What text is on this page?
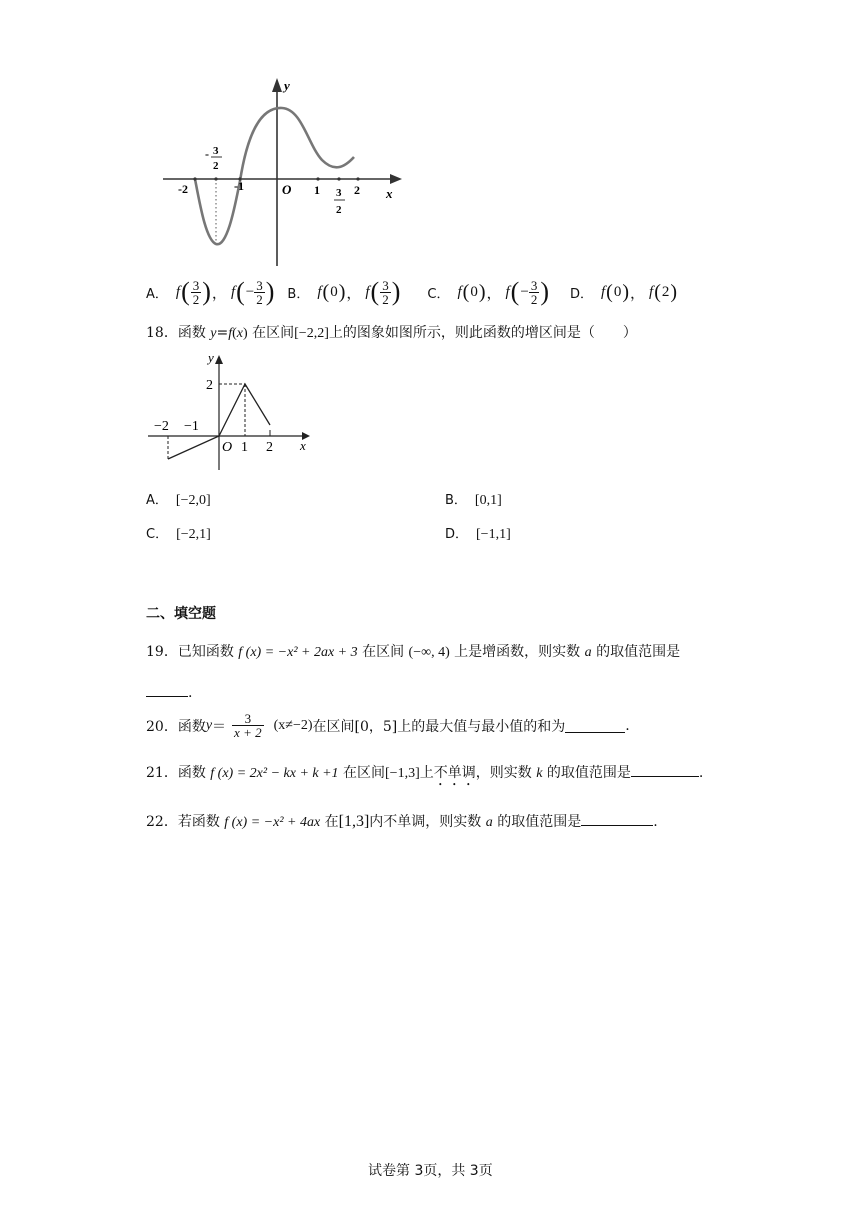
y
x
O
-2	-1	1	2
- 3
2
3
2
A． f ( $\frac{3}{2}$ ) ， f ( − $\frac{3}{2}$ ) B． f ( 0 ) ， f ( $\frac{3}{2}$ ) C． f ( 0 ) ， f ( − $\frac{3}{2}$ ) D． f ( 0 ) ， f ( 2 )
18．函数 y=f(x) 在区间[−2,2]上的图象如图所示，则此函数的增区间是（　　）
y
x
O
−2 −1
1 2
2
A． [−2,0]	B． [0,1]
C． [−2,1]	D． [−1,1]
二、填空题
19．已知函数 f (x) = −x² + 2ax + 3 在区间 (−∞, 4) 上是增函数，则实数 a 的取值范围是
.
20． 函数 $y = \frac{3}{x + 2} (x\ne-2)$ 在区间[0，5]上的最大值与最小值的和为	.
21．函数 f (x) = 2x² − kx + k +1 在区间[−1,3]上不单调，则实数 k 的取值范围是	.
22．若函数 f (x) = −x² + 4ax 在[1,3]内不单调，则实数 a 的取值范围是	.
试卷第 3页，共 3页
